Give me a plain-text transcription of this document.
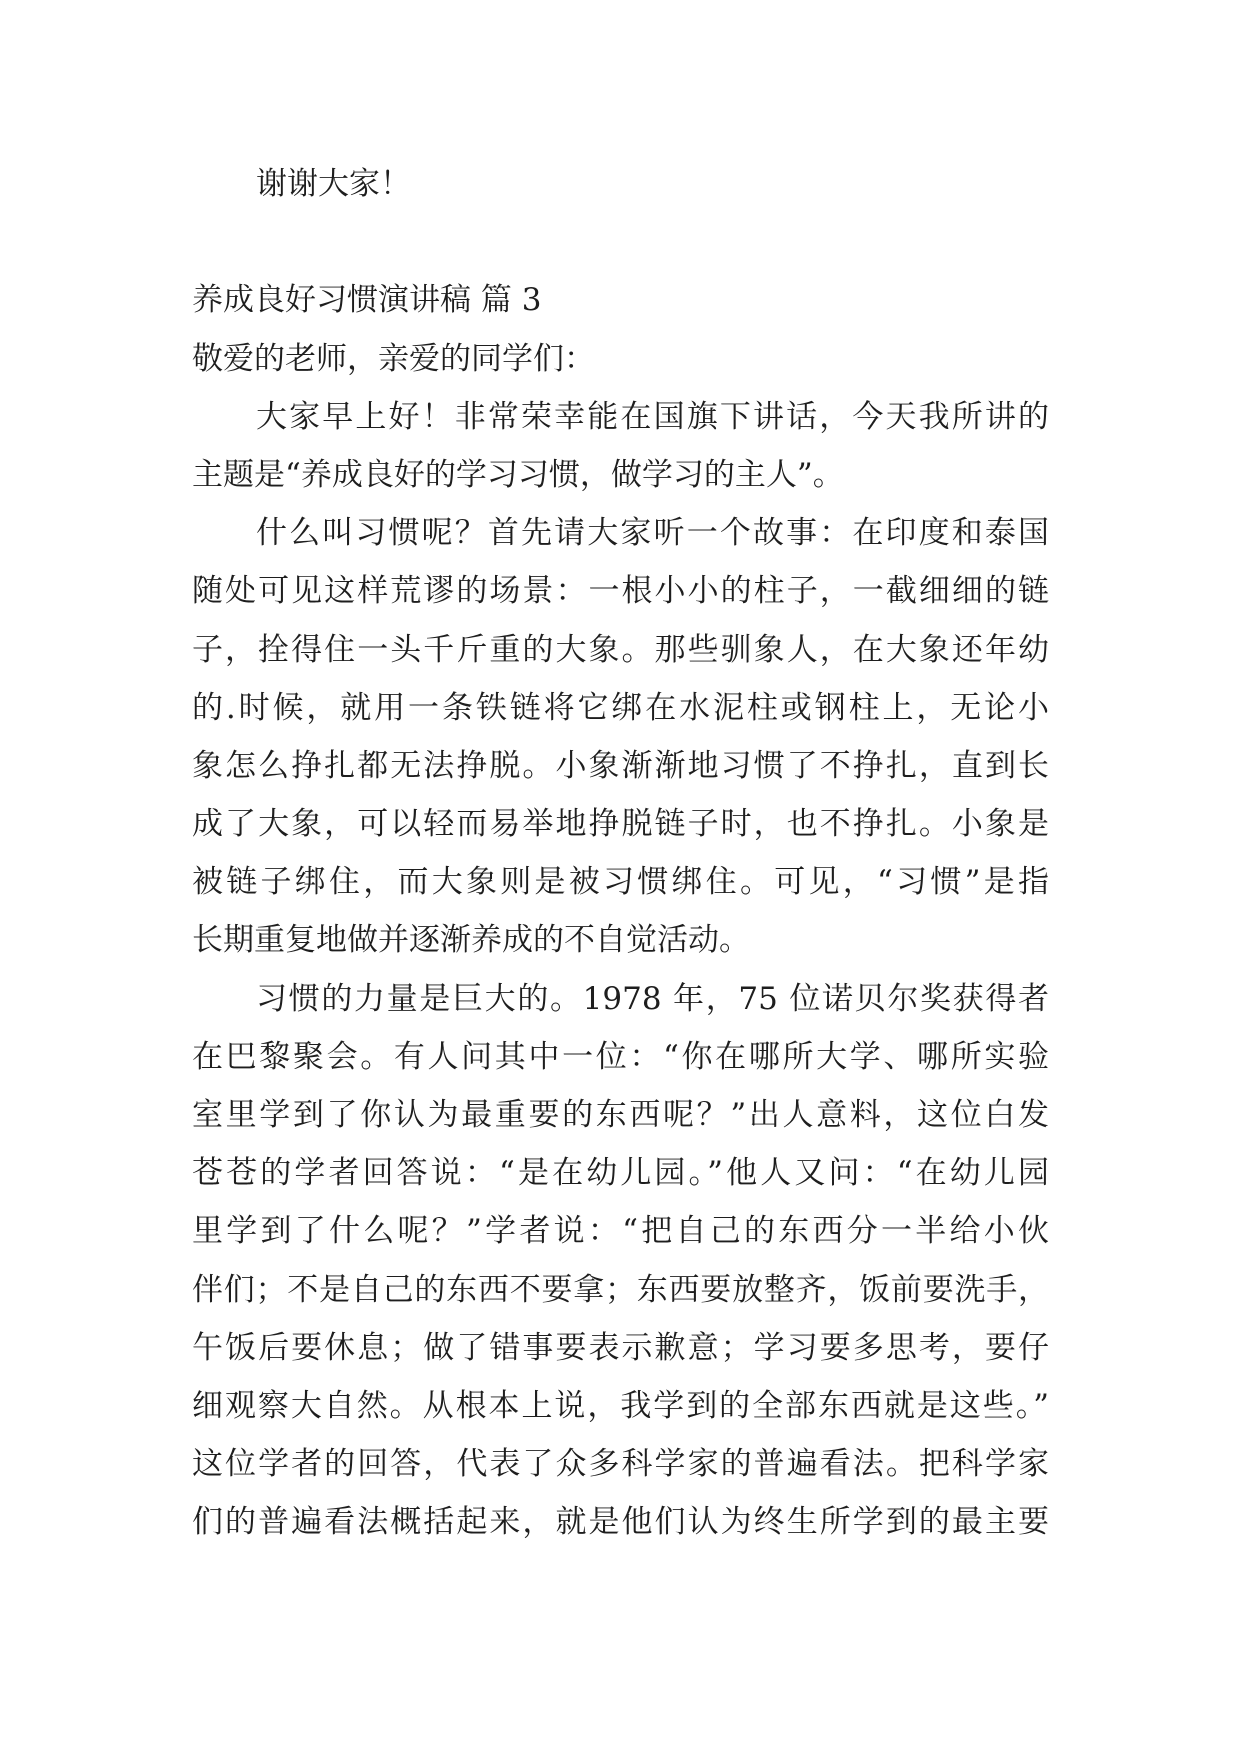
谢谢大家！
养成良好习惯演讲稿 篇 3
敬爱的老师，亲爱的同学们：
大家早上好！非常荣幸能在国旗下讲话，今天我所讲的
主题是“养成良好的学习习惯，做学习的主人”。
什么叫习惯呢？首先请大家听一个故事：在印度和泰国
随处可见这样荒谬的场景：一根小小的柱子，一截细细的链
子，拴得住一头千斤重的大象。那些驯象人，在大象还年幼
的.时候，就用一条铁链将它绑在水泥柱或钢柱上，无论小
象怎么挣扎都无法挣脱。小象渐渐地习惯了不挣扎，直到长
成了大象，可以轻而易举地挣脱链子时，也不挣扎。小象是
被链子绑住，而大象则是被习惯绑住。可见，“习惯”是指
长期重复地做并逐渐养成的不自觉活动。
习惯的力量是巨大的。1978 年，75 位诺贝尔奖获得者
在巴黎聚会。有人问其中一位：“你在哪所大学、哪所实验
室里学到了你认为最重要的东西呢？”出人意料，这位白发
苍苍的学者回答说：“是在幼儿园。”他人又问：“在幼儿园
里学到了什么呢？”学者说：“把自己的东西分一半给小伙
伴们；不是自己的东西不要拿；东西要放整齐，饭前要洗手，
午饭后要休息；做了错事要表示歉意；学习要多思考，要仔
细观察大自然。从根本上说，我学到的全部东西就是这些。”
这位学者的回答，代表了众多科学家的普遍看法。把科学家
们的普遍看法概括起来，就是他们认为终生所学到的最主要
